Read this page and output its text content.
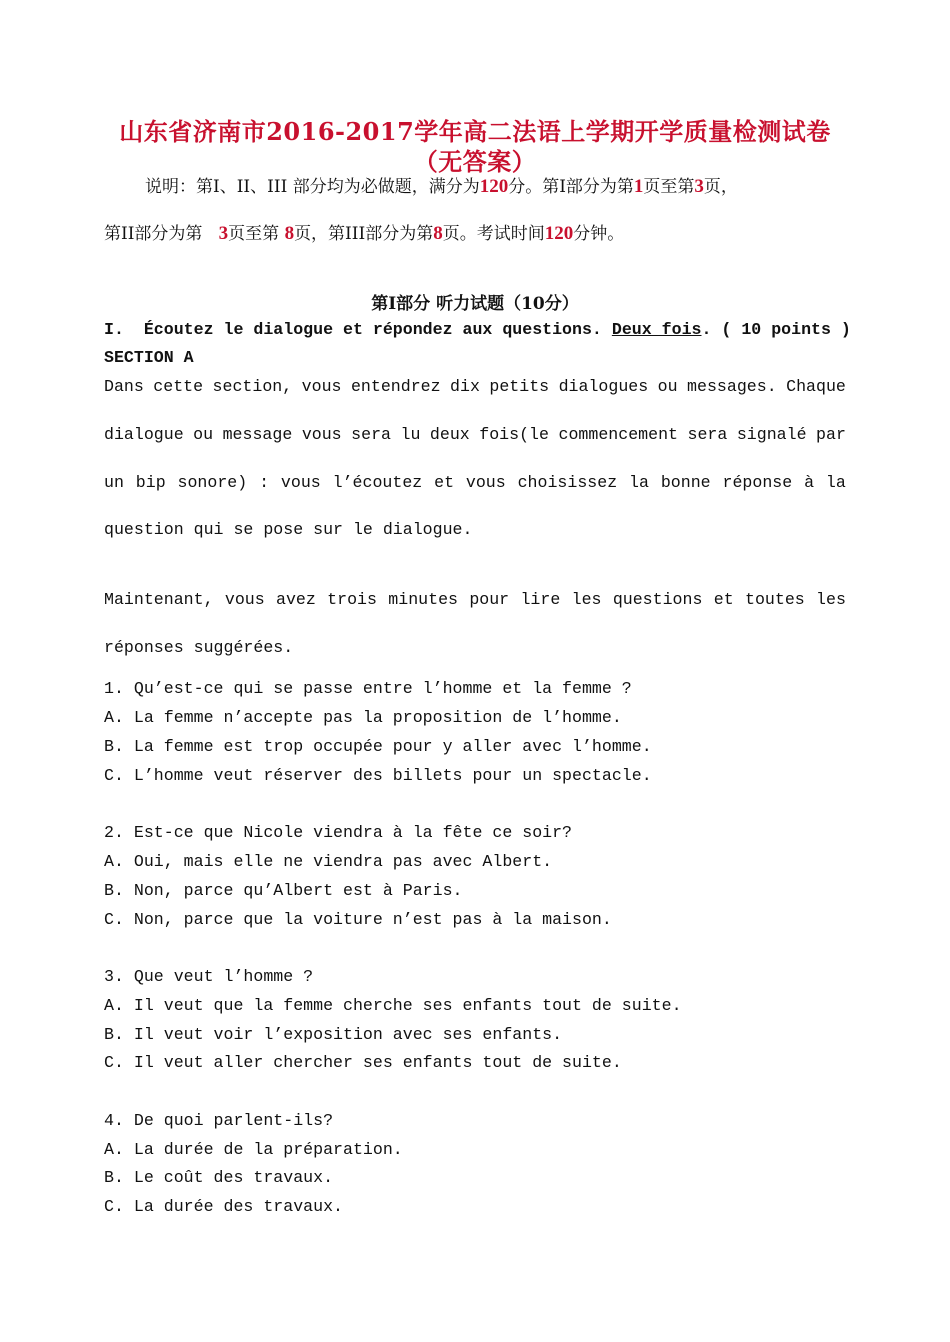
山东省济南市2016-2017学年高二法语上学期开学质量检测试卷
（无答案）
说明：第Ⅰ、II、III 部分均为必做题，满分为120分。第Ⅰ部分为第1页至第3页，
第II部分为第 3页至第 8页，第III部分为第8页。考试时间120分钟。
第Ⅰ部分 听力试题（10分）
I.  Écoutez le dialogue et répondez aux questions. Deux fois. ( 10 points )
SECTION A
Dans cette section, vous entendrez dix petits dialogues ou messages. Chaque
dialogue ou message vous sera lu deux fois(le commencement sera signalé par
un bip sonore) : vous l’écoutez et vous choisissez la bonne réponse à la
question qui se pose sur le dialogue.
Maintenant, vous avez trois minutes pour lire les questions et toutes les
réponses suggérées.
1. Qu’est-ce qui se passe entre l’homme et la femme ?
A. La femme n’accepte pas la proposition de l’homme.
B. La femme est trop occupée pour y aller avec l’homme.
C. L’homme veut réserver des billets pour un spectacle.
2. Est-ce que Nicole viendra à la fête ce soir?
A. Oui, mais elle ne viendra pas avec Albert.
B. Non, parce qu’Albert est à Paris.
C. Non, parce que la voiture n’est pas à la maison.
3. Que veut l’homme ?
A. Il veut que la femme cherche ses enfants tout de suite.
B. Il veut voir l’exposition avec ses enfants.
C. Il veut aller chercher ses enfants tout de suite.
4. De quoi parlent-ils?
A. La durée de la préparation.
B. Le coût des travaux.
C. La durée des travaux.
